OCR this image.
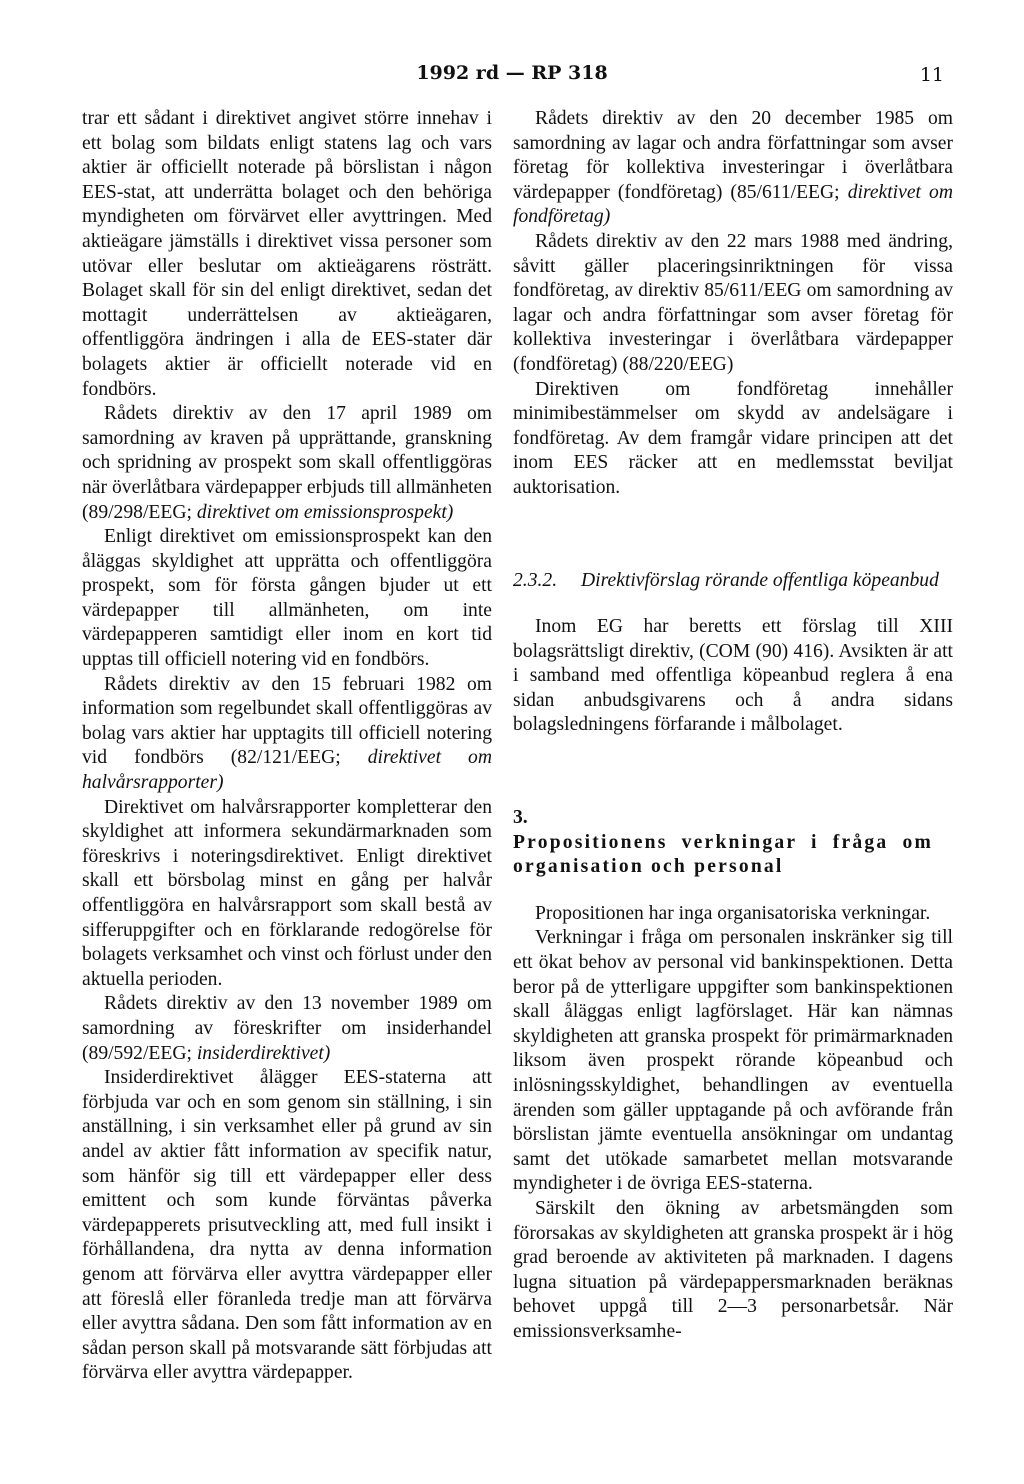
1992 rd — RP 318	11

trar ett sådant i direktivet angivet större innehav i ett bolag som bildats enligt statens lag och vars aktier är officiellt noterade på börslistan i någon EES-stat, att underrätta bolaget och den behöriga myndigheten om förvärvet eller avyttringen. Med aktieägare jämställs i direktivet vissa personer som utövar eller beslutar om aktieägarens rösträtt. Bolaget skall för sin del enligt direktivet, sedan det mottagit underrättelsen av aktieägaren, offentliggöra ändringen i alla de EES-stater där bolagets aktier är officiellt noterade vid en fondbörs.

Rådets direktiv av den 17 april 1989 om samordning av kraven på upprättande, granskning och spridning av prospekt som skall offentliggöras när överlåtbara värdepapper erbjuds till allmänheten (89/298/EEG; direktivet om emissionsprospekt)

Enligt direktivet om emissionsprospekt kan den åläggas skyldighet att upprätta och offentliggöra prospekt, som för första gången bjuder ut ett värdepapper till allmänheten, om inte värdepapperen samtidigt eller inom en kort tid upptas till officiell notering vid en fondbörs.

Rådets direktiv av den 15 februari 1982 om information som regelbundet skall offentliggöras av bolag vars aktier har upptagits till officiell notering vid fondbörs (82/121/EEG; direktivet om halvårsrapporter)

Direktivet om halvårsrapporter kompletterar den skyldighet att informera sekundärmarknaden som föreskrivs i noteringsdirektivet. Enligt direktivet skall ett börsbolag minst en gång per halvår offentliggöra en halvårsrapport som skall bestå av sifferuppgifter och en förklarande redogörelse för bolagets verksamhet och vinst och förlust under den aktuella perioden.

Rådets direktiv av den 13 november 1989 om samordning av föreskrifter om insiderhandel (89/592/EEG; insiderdirektivet)

Insiderdirektivet ålägger EES-staterna att förbjuda var och en som genom sin ställning, i sin anställning, i sin verksamhet eller på grund av sin andel av aktier fått information av specifik natur, som hänför sig till ett värdepapper eller dess emittent och som kunde förväntas påverka värdepapperets prisutveckling att, med full insikt i förhållandena, dra nytta av denna information genom att förvärva eller avyttra värdepapper eller att föreslå eller föranleda tredje man att förvärva eller avyttra sådana. Den som fått information av en sådan person skall på motsvarande sätt förbjudas att förvärva eller avyttra värdepapper.

Rådets direktiv av den 20 december 1985 om samordning av lagar och andra författningar som avser företag för kollektiva investeringar i överlåtbara värdepapper (fondföretag) (85/611/EEG; direktivet om fondföretag)

Rådets direktiv av den 22 mars 1988 med ändring, såvitt gäller placeringsinriktningen för vissa fondföretag, av direktiv 85/611/EEG om samordning av lagar och andra författningar som avser företag för kollektiva investeringar i överlåtbara värdepapper (fondföretag) (88/220/EEG)

Direktiven om fondföretag innehåller minimibestämmelser om skydd av andelsägare i fondföretag. Av dem framgår vidare principen att det inom EES räcker att en medlemsstat beviljat auktorisation.

2.3.2. Direktivförslag rörande offentliga köpeanbud

Inom EG har beretts ett förslag till XIII bolagsrättsligt direktiv, (COM (90) 416). Avsikten är att i samband med offentliga köpeanbud reglera å ena sidan anbudsgivarens och å andra sidans bolagsledningens förfarande i målbolaget.

3.Propositionens verkningar i fråga om organisation och personal

Propositionen har inga organisatoriska verkningar.

Verkningar i fråga om personalen inskränker sig till ett ökat behov av personal vid bankinspektionen. Detta beror på de ytterligare uppgifter som bankinspektionen skall åläggas enligt lagförslaget. Här kan nämnas skyldigheten att granska prospekt för primärmarknaden liksom även prospekt rörande köpeanbud och inlösningsskyldighet, behandlingen av eventuella ärenden som gäller upptagande på och avförande från börslistan jämte eventuella ansökningar om undantag samt det utökade samarbetet mellan motsvarande myndigheter i de övriga EES-staterna.

Särskilt den ökning av arbetsmängden som förorsakas av skyldigheten att granska prospekt är i hög grad beroende av aktiviteten på marknaden. I dagens lugna situation på värdepappersmarknaden beräknas behovet uppgå till 2—3 personarbetsår. När emissionsverksamhe-
